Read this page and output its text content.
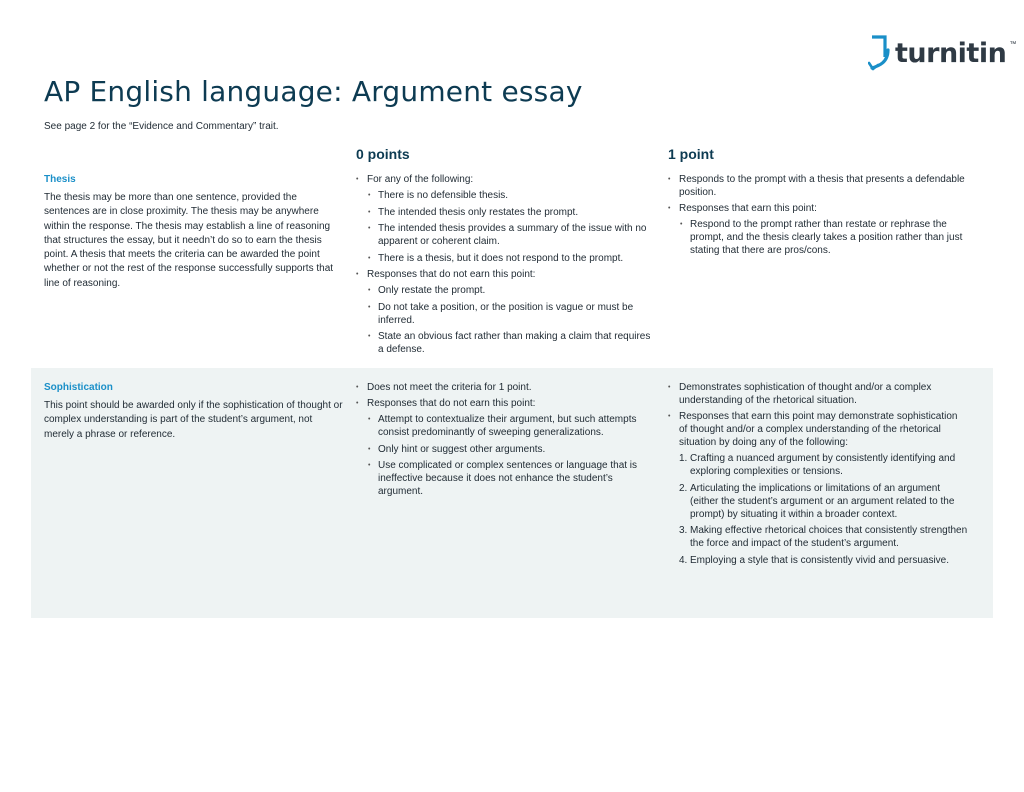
turnitin ™
AP English language: Argument essay
See page 2 for the “Evidence and Commentary” trait.
0 points	1 point
Thesis

The thesis may be more than one sentence, provided the sentences are in close proximity. The thesis may be anywhere within the response. The thesis may establish a line of reasoning that structures the essay, but it needn’t do so to earn the thesis point. A thesis that meets the criteria can be awarded the point whether or not the rest of the response successfully supports that line of reasoning.

• For any of the following:
• There is no defensible thesis.
• The intended thesis only restates the prompt.
• The intended thesis provides a summary of the issue with no apparent or coherent claim.
• There is a thesis, but it does not respond to the prompt.
• Responses that do not earn this point:
• Only restate the prompt.
• Do not take a position, or the position is vague or must be inferred.
• State an obvious fact rather than making a claim that requires a defense.
• Responds to the prompt with a thesis that presents a defendable position.
• Responses that earn this point:
• Respond to the prompt rather than restate or rephrase the prompt, and the thesis clearly takes a position rather than just stating that there are pros/cons.
Sophistication

This point should be awarded only if the sophistication of thought or complex understanding is part of the student’s argument, not merely a phrase or reference.

• Does not meet the criteria for 1 point.
• Responses that do not earn this point:
• Attempt to contextualize their argument, but such attempts consist predominantly of sweeping generalizations.
• Only hint or suggest other arguments.
• Use complicated or complex sentences or language that is ineffective because it does not enhance the student’s argument.
• Demonstrates sophistication of thought and/or a complex understanding of the rhetorical situation.
• Responses that earn this point may demonstrate sophistication of thought and/or a complex understanding of the rhetorical situation by doing any of the following:
1. Crafting a nuanced argument by consistently identifying and exploring complexities or tensions.
2. Articulating the implications or limitations of an argument (either the student’s argument or an argument related to the prompt) by situating it within a broader context.
3. Making effective rhetorical choices that consistently strengthen the force and impact of the student’s argument.
4. Employing a style that is consistently vivid and persuasive.
